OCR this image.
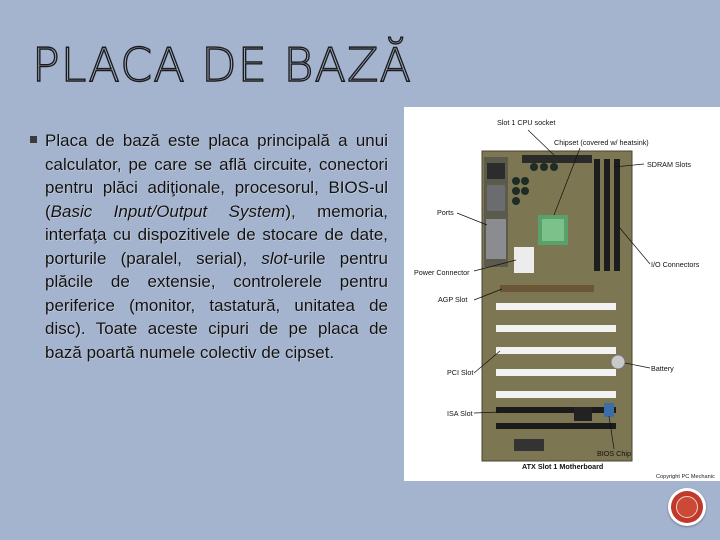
PLACA DE BAZĂ

Placa de bază este placa principală a unui calculator, pe care se află circuite, conectori pentru plăci adiţionale, procesorul, BIOS-ul (Basic Input/Output System), memoria, interfaţa cu dispozitivele de stocare de date, porturile (paralel, serial), slot-urile pentru plăcile de extensie, controlerele pentru periferice (monitor, tastatură, unitatea de disc). Toate aceste cipuri de pe placa de bază poartă numele colectiv de cipset.

Slot 1 CPU socket
Chipset (covered w/ heatsink)
SDRAM Slots
Ports
I/O Connectors
Power Connector
AGP Slot
PCI Slot	Battery
ISA Slot
BIOS Chip
ATX Slot 1 Motherboard
Copyright PC Mechanic
